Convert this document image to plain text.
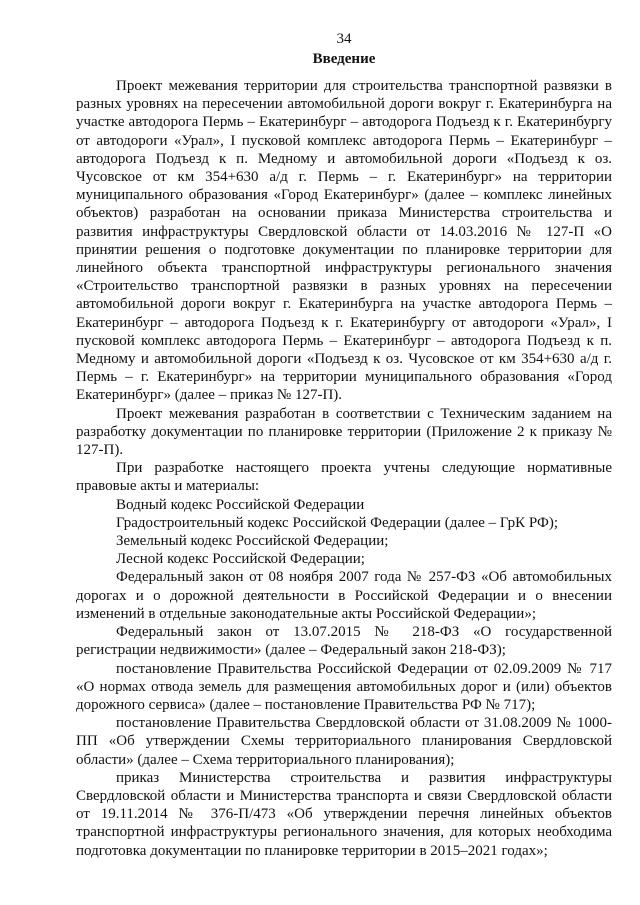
34

Введение

Проект межевания территории для строительства транспортной развязки в разных уровнях на пересечении автомобильной дороги вокруг г. Екатеринбурга на участке автодорога Пермь – Екатеринбург – автодорога Подъезд к г. Екатеринбургу от автодороги «Урал», I пусковой комплекс автодорога Пермь – Екатеринбург – автодорога Подъезд к п. Медному и автомобильной дороги «Подъезд к оз. Чусовское от км 354+630 а/д г. Пермь – г. Екатеринбург» на территории муниципального образования «Город Екатеринбург» (далее – комплекс линейных объектов) разработан на основании приказа Министерства строительства и развития инфраструктуры Свердловской области от 14.03.2016 № 127-П «О принятии решения о подготовке документации по планировке территории для линейного объекта транспортной инфраструктуры регионального значения «Строительство транспортной развязки в разных уровнях на пересечении автомобильной дороги вокруг г. Екатеринбурга на участке автодорога Пермь – Екатеринбург – автодорога Подъезд к г. Екатеринбургу от автодороги «Урал», I пусковой комплекс автодорога Пермь – Екатеринбург – автодорога Подъезд к п. Медному и автомобильной дороги «Подъезд к оз. Чусовское от км 354+630 а/д г. Пермь – г. Екатеринбург» на территории муниципального образования «Город Екатеринбург» (далее – приказ № 127-П).

Проект межевания разработан в соответствии с Техническим заданием на разработку документации по планировке территории (Приложение 2 к приказу № 127-П).

При разработке настоящего проекта учтены следующие нормативные правовые акты и материалы:

Водный кодекс Российской Федерации

Градостроительный кодекс Российской Федерации (далее – ГрК РФ);

Земельный кодекс Российской Федерации;

Лесной кодекс Российской Федерации;

Федеральный закон от 08 ноября 2007 года № 257-ФЗ «Об автомобильных дорогах и о дорожной деятельности в Российской Федерации и о внесении изменений в отдельные законодательные акты Российской Федерации»;

Федеральный закон от 13.07.2015 № 218-ФЗ «О государственной регистрации недвижимости» (далее – Федеральный закон 218-ФЗ);

постановление Правительства Российской Федерации от 02.09.2009 № 717 «О нормах отвода земель для размещения автомобильных дорог и (или) объектов дорожного сервиса» (далее – постановление Правительства РФ № 717);

постановление Правительства Свердловской области от 31.08.2009 № 1000-ПП «Об утверждении Схемы территориального планирования Свердловской области» (далее – Схема территориального планирования);

приказ Министерства строительства и развития инфраструктуры Свердловской области и Министерства транспорта и связи Свердловской области от 19.11.2014 № 376-П/473 «Об утверждении перечня линейных объектов транспортной инфраструктуры регионального значения, для которых необходима подготовка документации по планировке территории в 2015–2021 годах»;
